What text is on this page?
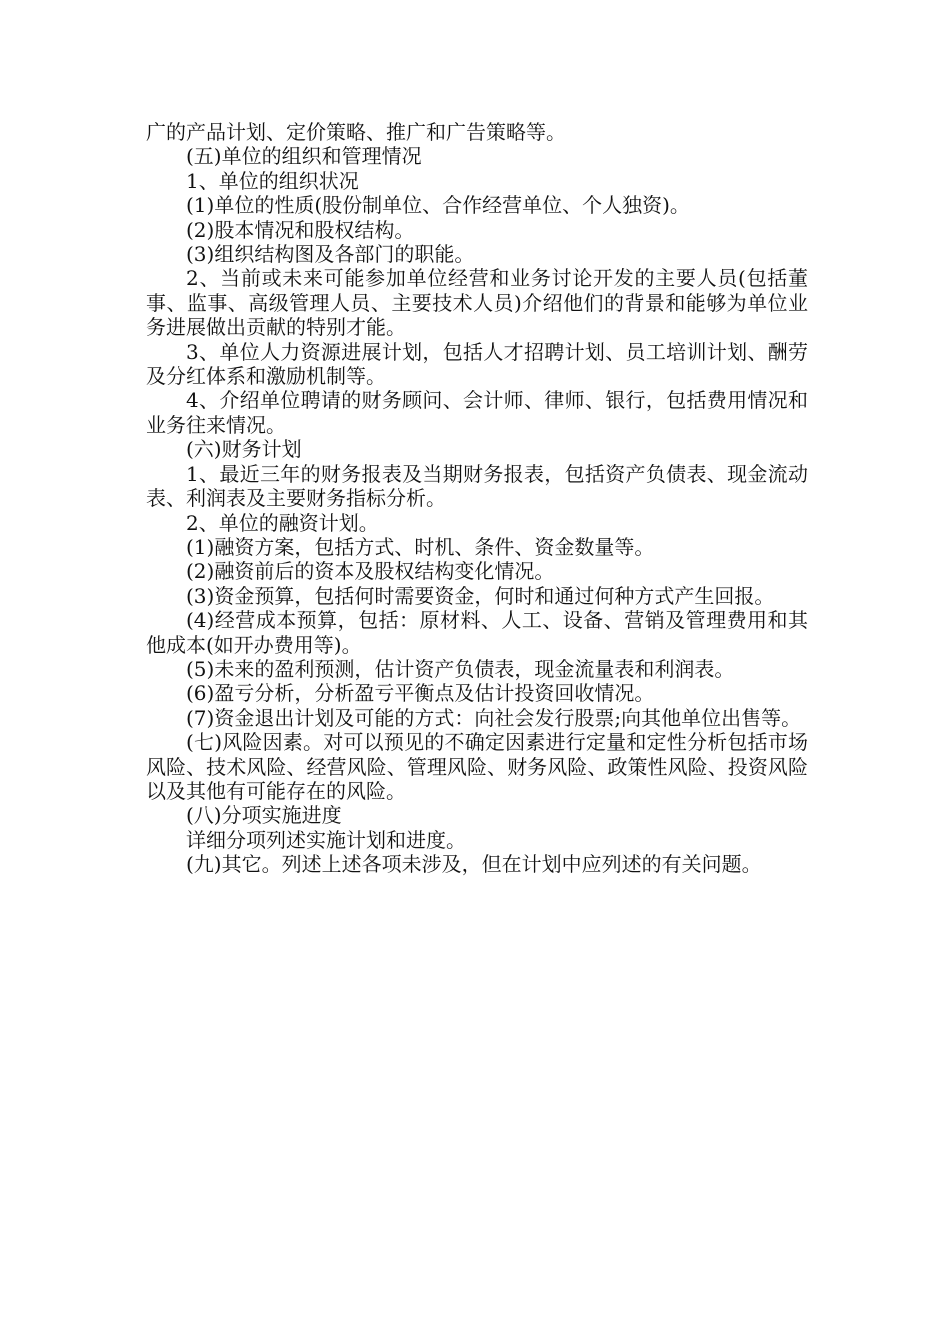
广的产品计划、定价策略、推广和广告策略等。

(五)单位的组织和管理情况

1、单位的组织状况

(1)单位的性质(股份制单位、合作经营单位、个人独资)。

(2)股本情况和股权结构。

(3)组织结构图及各部门的职能。

2、当前或未来可能参加单位经营和业务讨论开发的主要人员(包括董事、监事、高级管理人员、主要技术人员)介绍他们的背景和能够为单位业务进展做出贡献的特别才能。

3、单位人力资源进展计划，包括人才招聘计划、员工培训计划、酬劳及分红体系和激励机制等。

4、介绍单位聘请的财务顾问、会计师、律师、银行，包括费用情况和业务往来情况。

(六)财务计划

1、最近三年的财务报表及当期财务报表，包括资产负债表、现金流动表、利润表及主要财务指标分析。

2、单位的融资计划。

(1)融资方案，包括方式、时机、条件、资金数量等。

(2)融资前后的资本及股权结构变化情况。

(3)资金预算，包括何时需要资金，何时和通过何种方式产生回报。

(4)经营成本预算，包括：原材料、人工、设备、营销及管理费用和其他成本(如开办费用等)。

(5)未来的盈利预测，估计资产负债表，现金流量表和利润表。

(6)盈亏分析，分析盈亏平衡点及估计投资回收情况。

(7)资金退出计划及可能的方式：向社会发行股票;向其他单位出售等。

(七)风险因素。对可以预见的不确定因素进行定量和定性分析包括市场风险、技术风险、经营风险、管理风险、财务风险、政策性风险、投资风险以及其他有可能存在的风险。

(八)分项实施进度

详细分项列述实施计划和进度。

(九)其它。列述上述各项未涉及，但在计划中应列述的有关问题。
